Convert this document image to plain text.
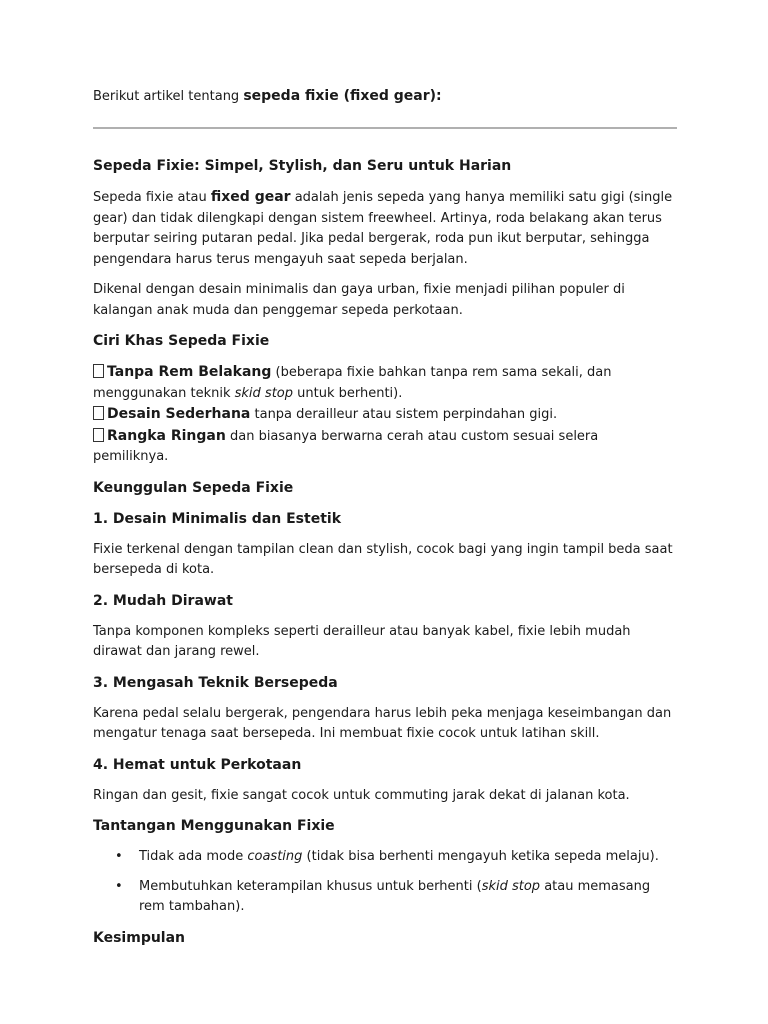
Berikut artikel tentang sepeda fixie (fixed gear):

Sepeda Fixie: Simpel, Stylish, dan Seru untuk Harian

Sepeda fixie atau fixed gear adalah jenis sepeda yang hanya memiliki satu gigi (single gear) dan tidak dilengkapi dengan sistem freewheel. Artinya, roda belakang akan terus berputar seiring putaran pedal. Jika pedal bergerak, roda pun ikut berputar, sehingga pengendara harus terus mengayuh saat sepeda berjalan.

Dikenal dengan desain minimalis dan gaya urban, fixie menjadi pilihan populer di kalangan anak muda dan penggemar sepeda perkotaan.

Ciri Khas Sepeda Fixie
Tanpa Rem Belakang (beberapa fixie bahkan tanpa rem sama sekali, dan menggunakan teknik skid stop untuk berhenti).
Desain Sederhana tanpa derailleur atau sistem perpindahan gigi.
Rangka Ringan dan biasanya berwarna cerah atau custom sesuai selera pemiliknya.
Keunggulan Sepeda Fixie
1. Desain Minimalis dan Estetik

Fixie terkenal dengan tampilan clean dan stylish, cocok bagi yang ingin tampil beda saat bersepeda di kota.

2. Mudah Dirawat

Tanpa komponen kompleks seperti derailleur atau banyak kabel, fixie lebih mudah dirawat dan jarang rewel.

3. Mengasah Teknik Bersepeda

Karena pedal selalu bergerak, pengendara harus lebih peka menjaga keseimbangan dan mengatur tenaga saat bersepeda. Ini membuat fixie cocok untuk latihan skill.

4. Hemat untuk Perkotaan

Ringan dan gesit, fixie sangat cocok untuk commuting jarak dekat di jalanan kota.

Tantangan Menggunakan Fixie
• Tidak ada mode coasting (tidak bisa berhenti mengayuh ketika sepeda melaju).
• Membutuhkan keterampilan khusus untuk berhenti (skid stop atau memasang rem tambahan).
Kesimpulan
